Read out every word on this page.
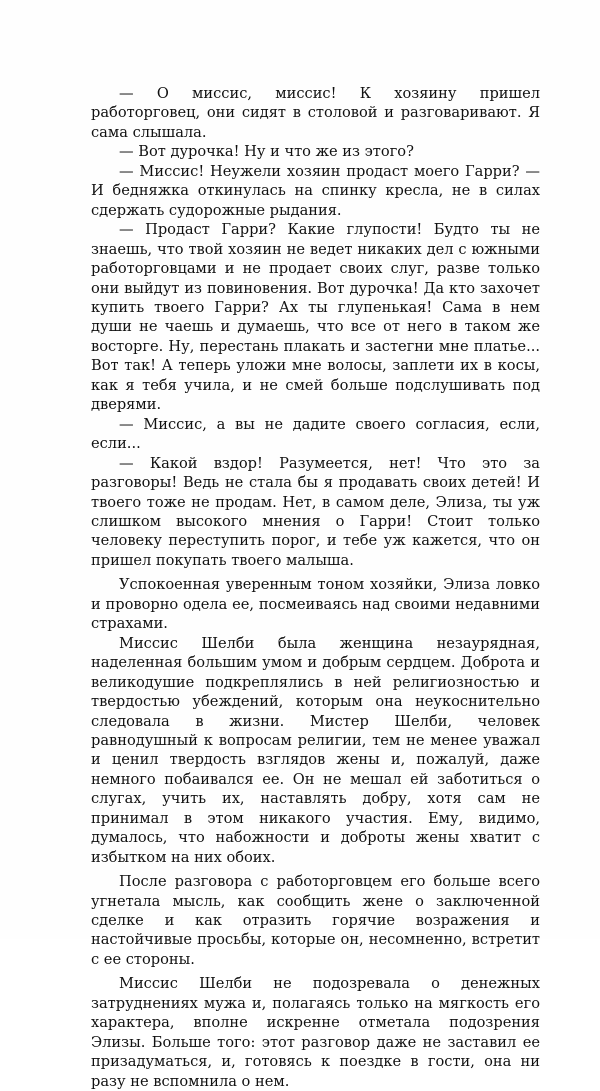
— О миссис, миссис! К хозяину пришел работорговец, они сидят в столовой и разговаривают. Я сама слышала.

— Вот дурочка! Ну и что же из этого?

— Миссис! Неужели хозяин продаст моего Гарри? — И бедняжка откинулась на спинку кресла, не в силах сдержать судорожные рыдания.

— Продаст Гарри? Какие глупости! Будто ты не знаешь, что твой хозяин не ведет никаких дел с южными работорговцами и не продает своих слуг, разве только они выйдут из повиновения. Вот дурочка! Да кто захочет купить твоего Гарри? Ах ты глупенькая! Сама в нем души не чаешь и думаешь, что все от него в таком же восторге. Ну, перестань плакать и застегни мне платье... Вот так! А теперь уложи мне волосы, заплети их в косы, как я тебя учила, и не смей больше подслушивать под дверями.

— Миссис, а вы не дадите своего согласия, если, если...

— Какой вздор! Разумеется, нет! Что это за разговоры! Ведь не стала бы я продавать своих детей! И твоего тоже не продам. Нет, в самом деле, Элиза, ты уж слишком высокого мнения о Гарри! Стоит только человеку переступить порог, и тебе уж кажется, что он пришел покупать твоего малыша.

Успокоенная уверенным тоном хозяйки, Элиза ловко и проворно одела ее, посмеиваясь над своими недавними страхами.

Миссис Шелби была женщина незаурядная, наделенная большим умом и добрым сердцем. Доброта и великодушие подкреплялись в ней религиозностью и твердостью убеждений, которым она неукоснительно следовала в жизни. Мистер Шелби, человек равнодушный к вопросам религии, тем не менее уважал и ценил твердость взглядов жены и, пожалуй, даже немного побаивался ее. Он не мешал ей заботиться о слугах, учить их, наставлять добру, хотя сам не принимал в этом никакого участия. Ему, видимо, думалось, что набожности и доброты жены хватит с избытком на них обоих.

После разговора с работорговцем его больше всего угнетала мысль, как сообщить жене о заключенной сделке и как отразить горячие возражения и настойчивые просьбы, которые он, несомненно, встретит с ее стороны.

Миссис Шелби не подозревала о денежных затруднениях мужа и, полагаясь только на мягкость его характера, вполне искренне отметала подозрения Элизы. Больше того: этот разговор даже не заставил ее призадуматься, и, готовясь к поездке в гости, она ни разу не вспомнила о нем.
